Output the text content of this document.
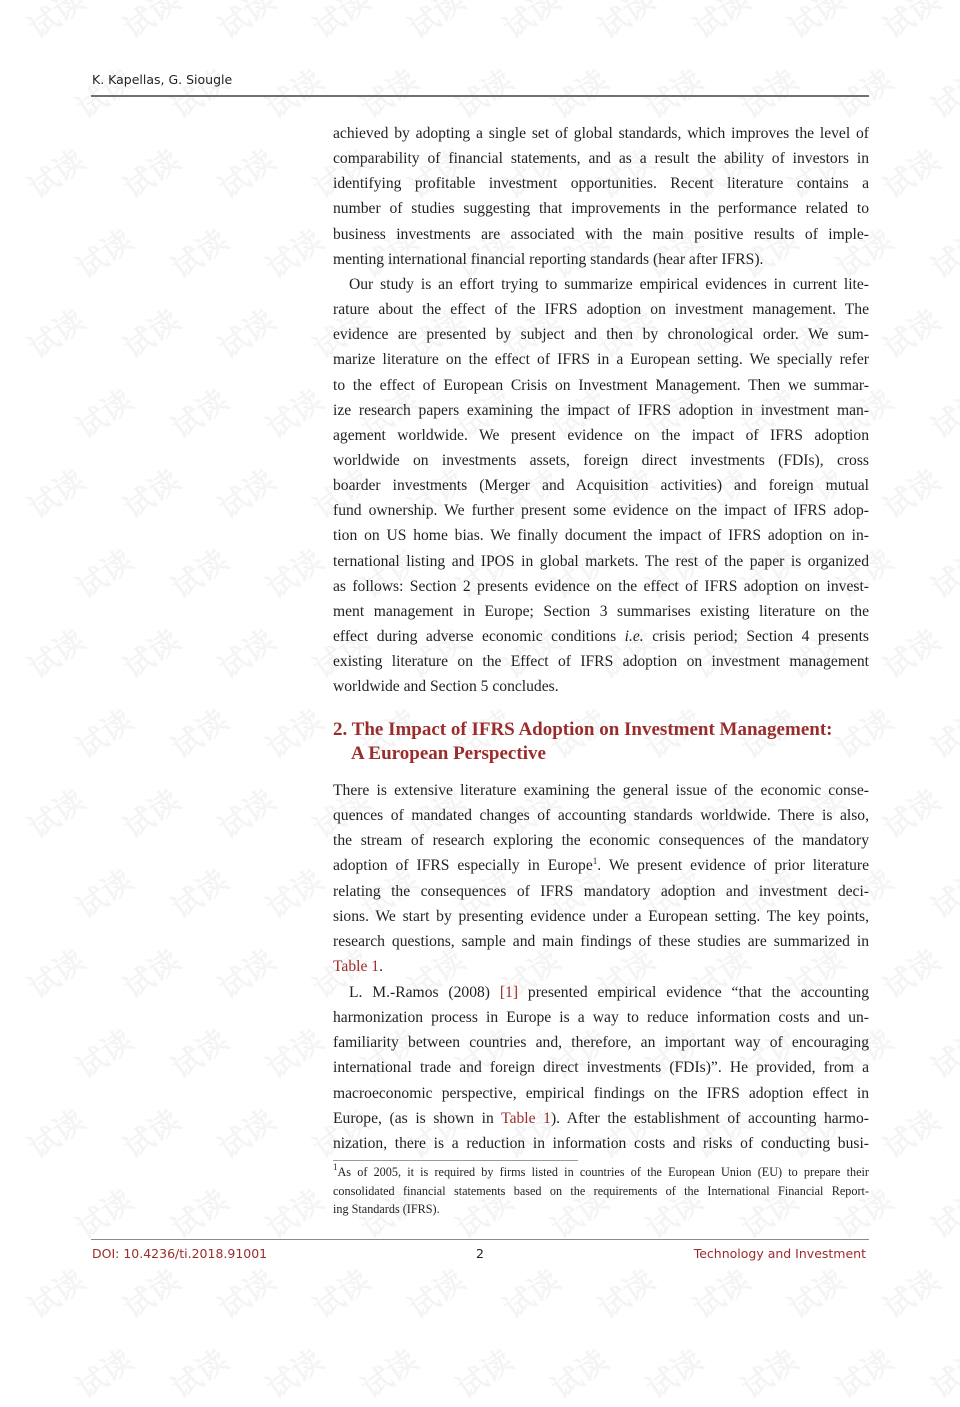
K. Kapellas, G. Siougle
achieved by adopting a single set of global standards, which improves the level of
comparability of financial statements, and as a result the ability of investors in
identifying profitable investment opportunities. Recent literature contains a
number of studies suggesting that improvements in the performance related to
business investments are associated with the main positive results of imple-
menting international financial reporting standards (hear after IFRS).
Our study is an effort trying to summarize empirical evidences in current lite-
rature about the effect of the IFRS adoption on investment management. The
evidence are presented by subject and then by chronological order. We sum-
marize literature on the effect of IFRS in a European setting. We specially refer
to the effect of European Crisis on Investment Management. Then we summar-
ize research papers examining the impact of IFRS adoption in investment man-
agement worldwide. We present evidence on the impact of IFRS adoption
worldwide on investments assets, foreign direct investments (FDIs), cross
boarder investments (Merger and Acquisition activities) and foreign mutual
fund ownership. We further present some evidence on the impact of IFRS adop-
tion on US home bias. We finally document the impact of IFRS adoption on in-
ternational listing and IPOS in global markets. The rest of the paper is organized
as follows: Section 2 presents evidence on the effect of IFRS adoption on invest-
ment management in Europe; Section 3 summarises existing literature on the
effect during adverse economic conditions i.e. crisis period; Section 4 presents
existing literature on the Effect of IFRS adoption on investment management
worldwide and Section 5 concludes.
2. The Impact of IFRS Adoption on Investment Management:
A European Perspective
There is extensive literature examining the general issue of the economic conse-
quences of mandated changes of accounting standards worldwide. There is also,
the stream of research exploring the economic consequences of the mandatory
adoption of IFRS especially in Europe$^1$. We present evidence of prior literature
relating the consequences of IFRS mandatory adoption and investment deci-
sions. We start by presenting evidence under a European setting. The key points,
research questions, sample and main findings of these studies are summarized in
Table 1.
L. M.-Ramos (2008) [1] presented empirical evidence “that the accounting
harmonization process in Europe is a way to reduce information costs and un-
familiarity between countries and, therefore, an important way of encouraging
international trade and foreign direct investments (FDIs)”. He provided, from a
macroeconomic perspective, empirical findings on the IFRS adoption effect in
Europe, (as is shown in Table 1). After the establishment of accounting harmo-
nization, there is a reduction in information costs and risks of conducting busi-
$^1$As of 2005, it is required by firms listed in countries of the European Union (EU) to prepare their
consolidated financial statements based on the requirements of the International Financial Report-
ing Standards (IFRS).
DOI: 10.4236/ti.2018.91001	2	Technology and Investment
